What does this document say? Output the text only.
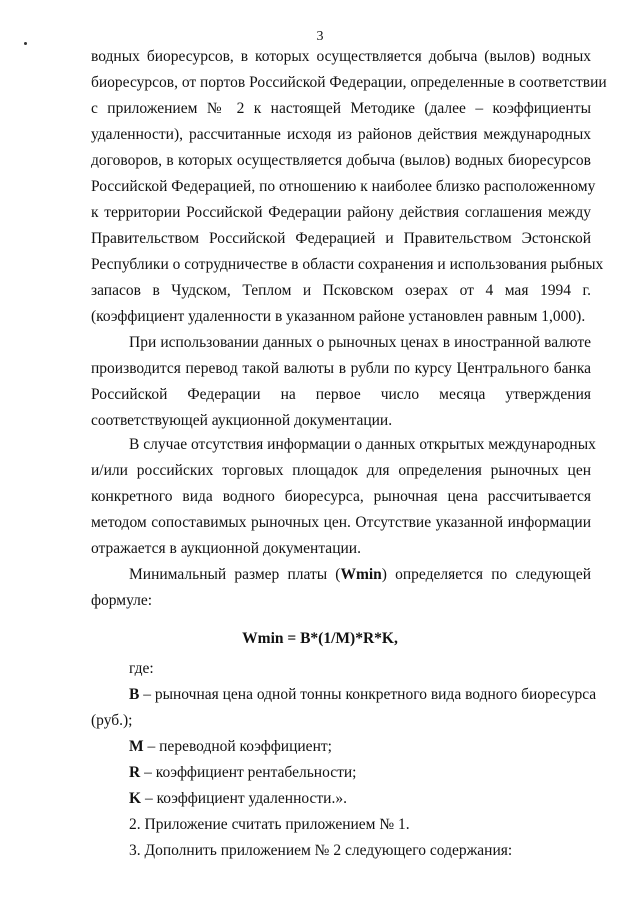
3
водных биоресурсов, в которых осуществляется добыча (вылов) водных
биоресурсов, от портов Российской Федерации, определенные в соответствии
с приложением № 2 к настоящей Методике (далее – коэффициенты
удаленности), рассчитанные исходя из районов действия международных
договоров, в которых осуществляется добыча (вылов) водных биоресурсов
Российской Федерацией, по отношению к наиболее близко расположенному
к территории Российской Федерации району действия соглашения между
Правительством Российской Федерацией и Правительством Эстонской
Республики о сотрудничестве в области сохранения и использования рыбных
запасов в Чудском, Теплом и Псковском озерах от 4 мая 1994 г.
(коэффициент удаленности в указанном районе установлен равным 1,000).
При использовании данных о рыночных ценах в иностранной валюте
производится перевод такой валюты в рубли по курсу Центрального банка
Российской Федерации на первое число месяца утверждения
соответствующей аукционной документации.
В случае отсутствия информации о данных открытых международных
и/или российских торговых площадок для определения рыночных цен
конкретного вида водного биоресурса, рыночная цена рассчитывается
методом сопоставимых рыночных цен. Отсутствие указанной информации
отражается в аукционной документации.
Минимальный размер платы (Wmin) определяется по следующей
формуле:
Wmin = B*(1/M)*R*K,
где:
B – рыночная цена одной тонны конкретного вида водного биоресурса
(руб.);
M – переводной коэффициент;
R – коэффициент рентабельности;
K – коэффициент удаленности.».
2. Приложение считать приложением № 1.
3. Дополнить приложением № 2 следующего содержания:
